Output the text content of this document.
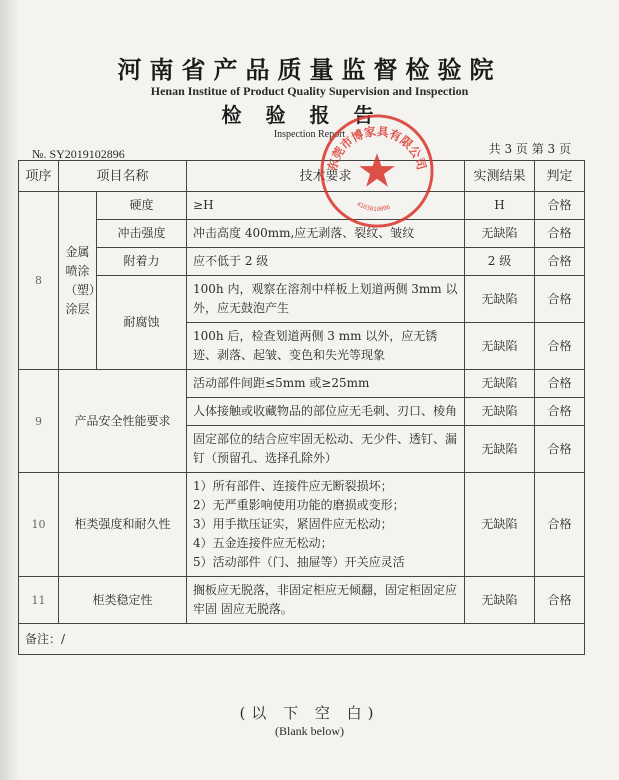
河南省产品质量监督检验院
Henan Institue of Product Quality Supervision and Inspection
检验报告
Inspection Report
№. SY2019102896	共 3 页 第 3 页
项序	项目名称		技术要求	实测结果	判定
8	金属喷涂（塑）涂层	硬度	≥H	H	合格
		冲击强度	冲击高度 400mm,应无剥落、裂纹、皱纹	无缺陷	合格
		附着力	应不低于 2 级	2 级	合格
		耐腐蚀	100h 内，观察在溶剂中样板上划道两侧 3mm 以外，应无鼓泡产生	无缺陷	合格
			100h 后，检查划道两侧 3 mm 以外，应无锈迹、剥落、起皱、变色和失光等现象	无缺陷	合格
9	产品安全性能要求		活动部件间距≤5mm 或≥25mm	无缺陷	合格
			人体接触或收藏物品的部位应无毛刺、刃口、棱角	无缺陷	合格
			固定部位的结合应牢固无松动、无少件、透钉、漏钉（预留孔、选择孔除外）	无缺陷	合格
10	柜类强度和耐久性		1）所有部件、连接件应无断裂损坏；
2）无严重影响使用功能的磨损或变形；
3）用手揿压证实，紧固件应无松动；
4）五金连接件应无松动；
5）活动部件（门、抽屉等）开关应灵活	无缺陷	合格
11	柜类稳定性		搁板应无脱落，非固定柜应无倾翻，固定柜固定应牢固 固应无脱落。	无缺陷	合格
备注：/					
(以 下 空 白)
(Blank below)
东莞市博家具有限公司
4103010006
